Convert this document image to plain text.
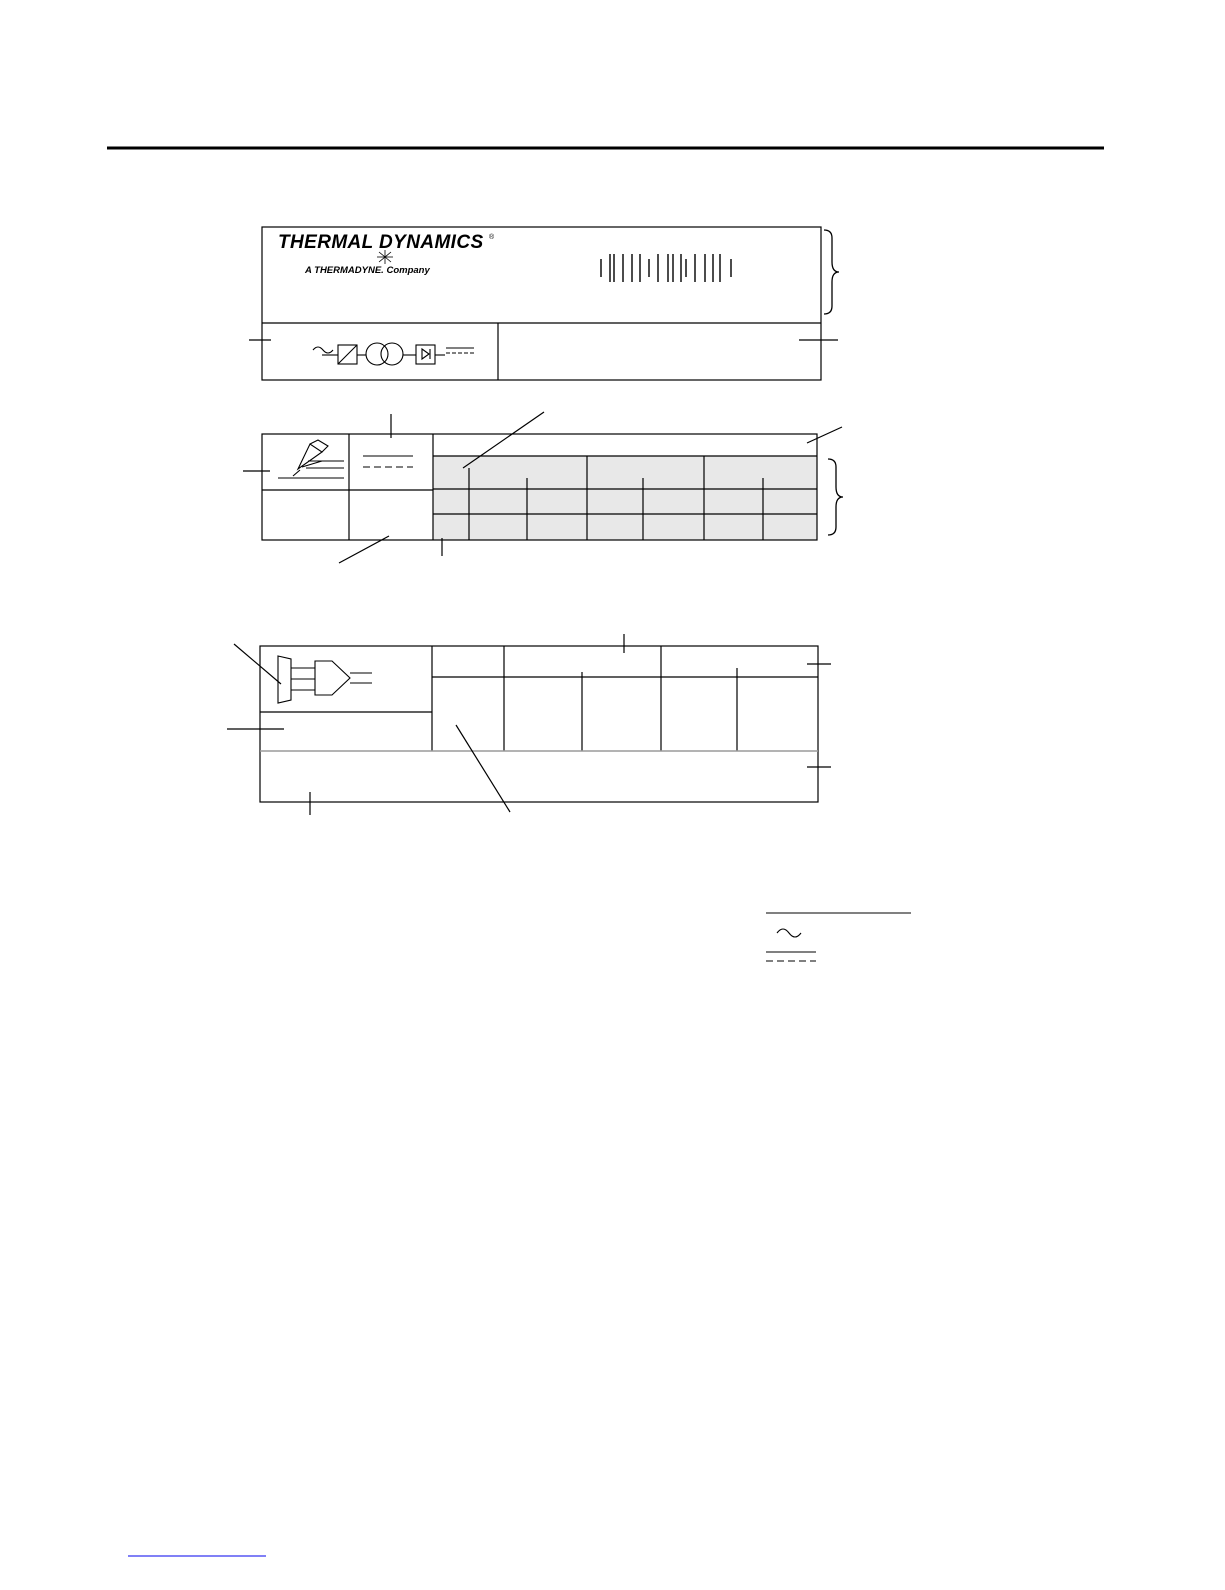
THERMAL DYNAMICS ®
A THERMADYNE. Company
